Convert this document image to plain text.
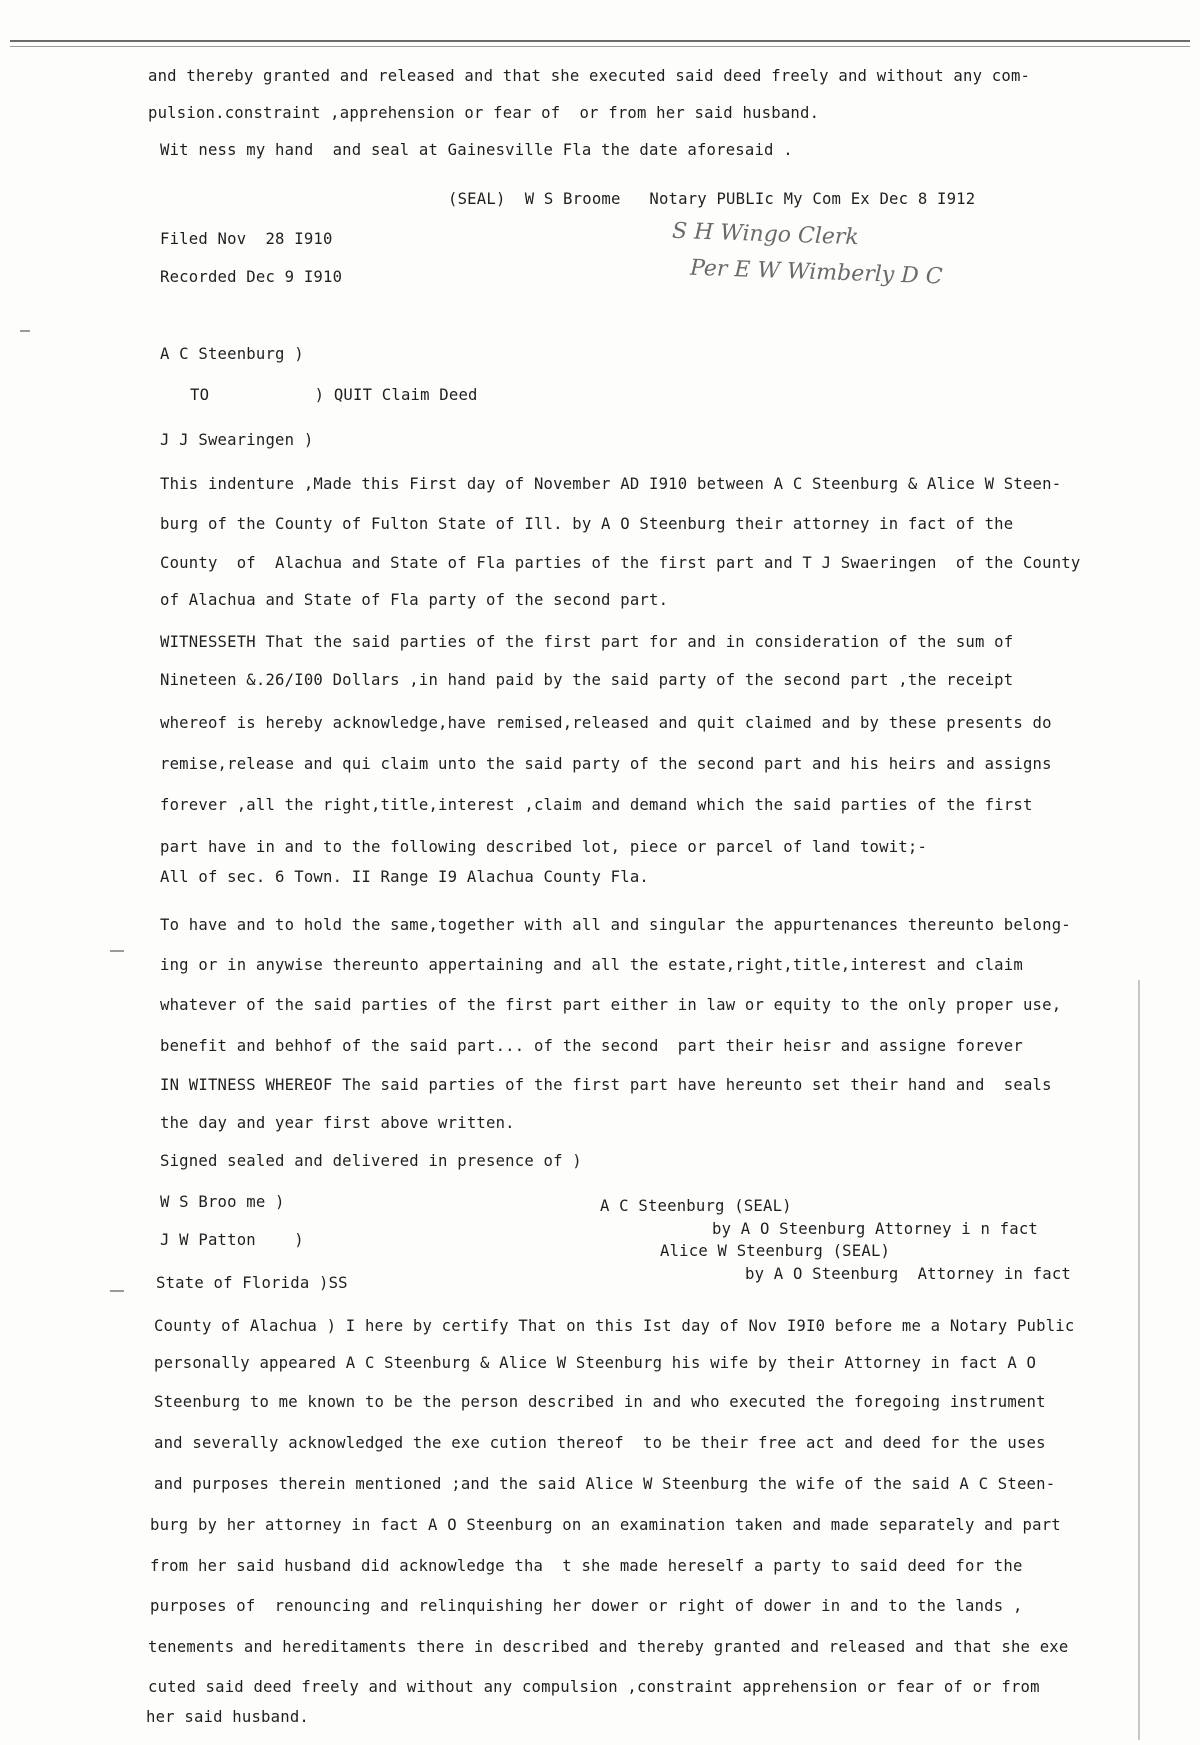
and thereby granted and released and that she executed said deed freely and without any com-
pulsion.constraint ,apprehension or fear of  or from her said husband.
Wit ness my hand  and seal at Gainesville Fla the date aforesaid .
(SEAL)  W S Broome   Notary PUBLIc My Com Ex Dec 8 I912
Filed Nov  28 I910
Recorded Dec 9 I910
S H Wingo Clerk
Per E W Wimberly D C
A C Steenburg )
TO           ) QUIT Claim Deed
J J Swearingen )
This indenture ,Made this First day of November AD I910 between A C Steenburg & Alice W Steen-
burg of the County of Fulton State of Ill. by A O Steenburg their attorney in fact of the
County  of  Alachua and State of Fla parties of the first part and T J Swaeringen  of the County
of Alachua and State of Fla party of the second part.
WITNESSETH That the said parties of the first part for and in consideration of the sum of
Nineteen &.26/I00 Dollars ,in hand paid by the said party of the second part ,the receipt
whereof is hereby acknowledge,have remised,released and quit claimed and by these presents do
remise,release and qui claim unto the said party of the second part and his heirs and assigns
forever ,all the right,title,interest ,claim and demand which the said parties of the first
part have in and to the following described lot, piece or parcel of land towit;-
All of sec. 6 Town. II Range I9 Alachua County Fla.
To have and to hold the same,together with all and singular the appurtenances thereunto belong-
ing or in anywise thereunto appertaining and all the estate,right,title,interest and claim
whatever of the said parties of the first part either in law or equity to the only proper use,
benefit and behhof of the said part... of the second  part their heisr and assigne forever
IN WITNESS WHEREOF The said parties of the first part have hereunto set their hand and  seals
the day and year first above written.
Signed sealed and delivered in presence of )
W S Broo me )
J W Patton    )
A C Steenburg (SEAL)
by A O Steenburg Attorney i n fact
Alice W Steenburg (SEAL)
by A O Steenburg  Attorney in fact
State of Florida )SS
County of Alachua ) I here by certify That on this Ist day of Nov I9I0 before me a Notary Public
personally appeared A C Steenburg & Alice W Steenburg his wife by their Attorney in fact A O
Steenburg to me known to be the person described in and who executed the foregoing instrument
and severally acknowledged the exe cution thereof  to be their free act and deed for the uses
and purposes therein mentioned ;and the said Alice W Steenburg the wife of the said A C Steen-
burg by her attorney in fact A O Steenburg on an examination taken and made separately and part
from her said husband did acknowledge tha  t she made hereself a party to said deed for the
purposes of  renouncing and relinquishing her dower or right of dower in and to the lands ,
tenements and hereditaments there in described and thereby granted and released and that she exe
cuted said deed freely and without any compulsion ,constraint apprehension or fear of or from
her said husband.
